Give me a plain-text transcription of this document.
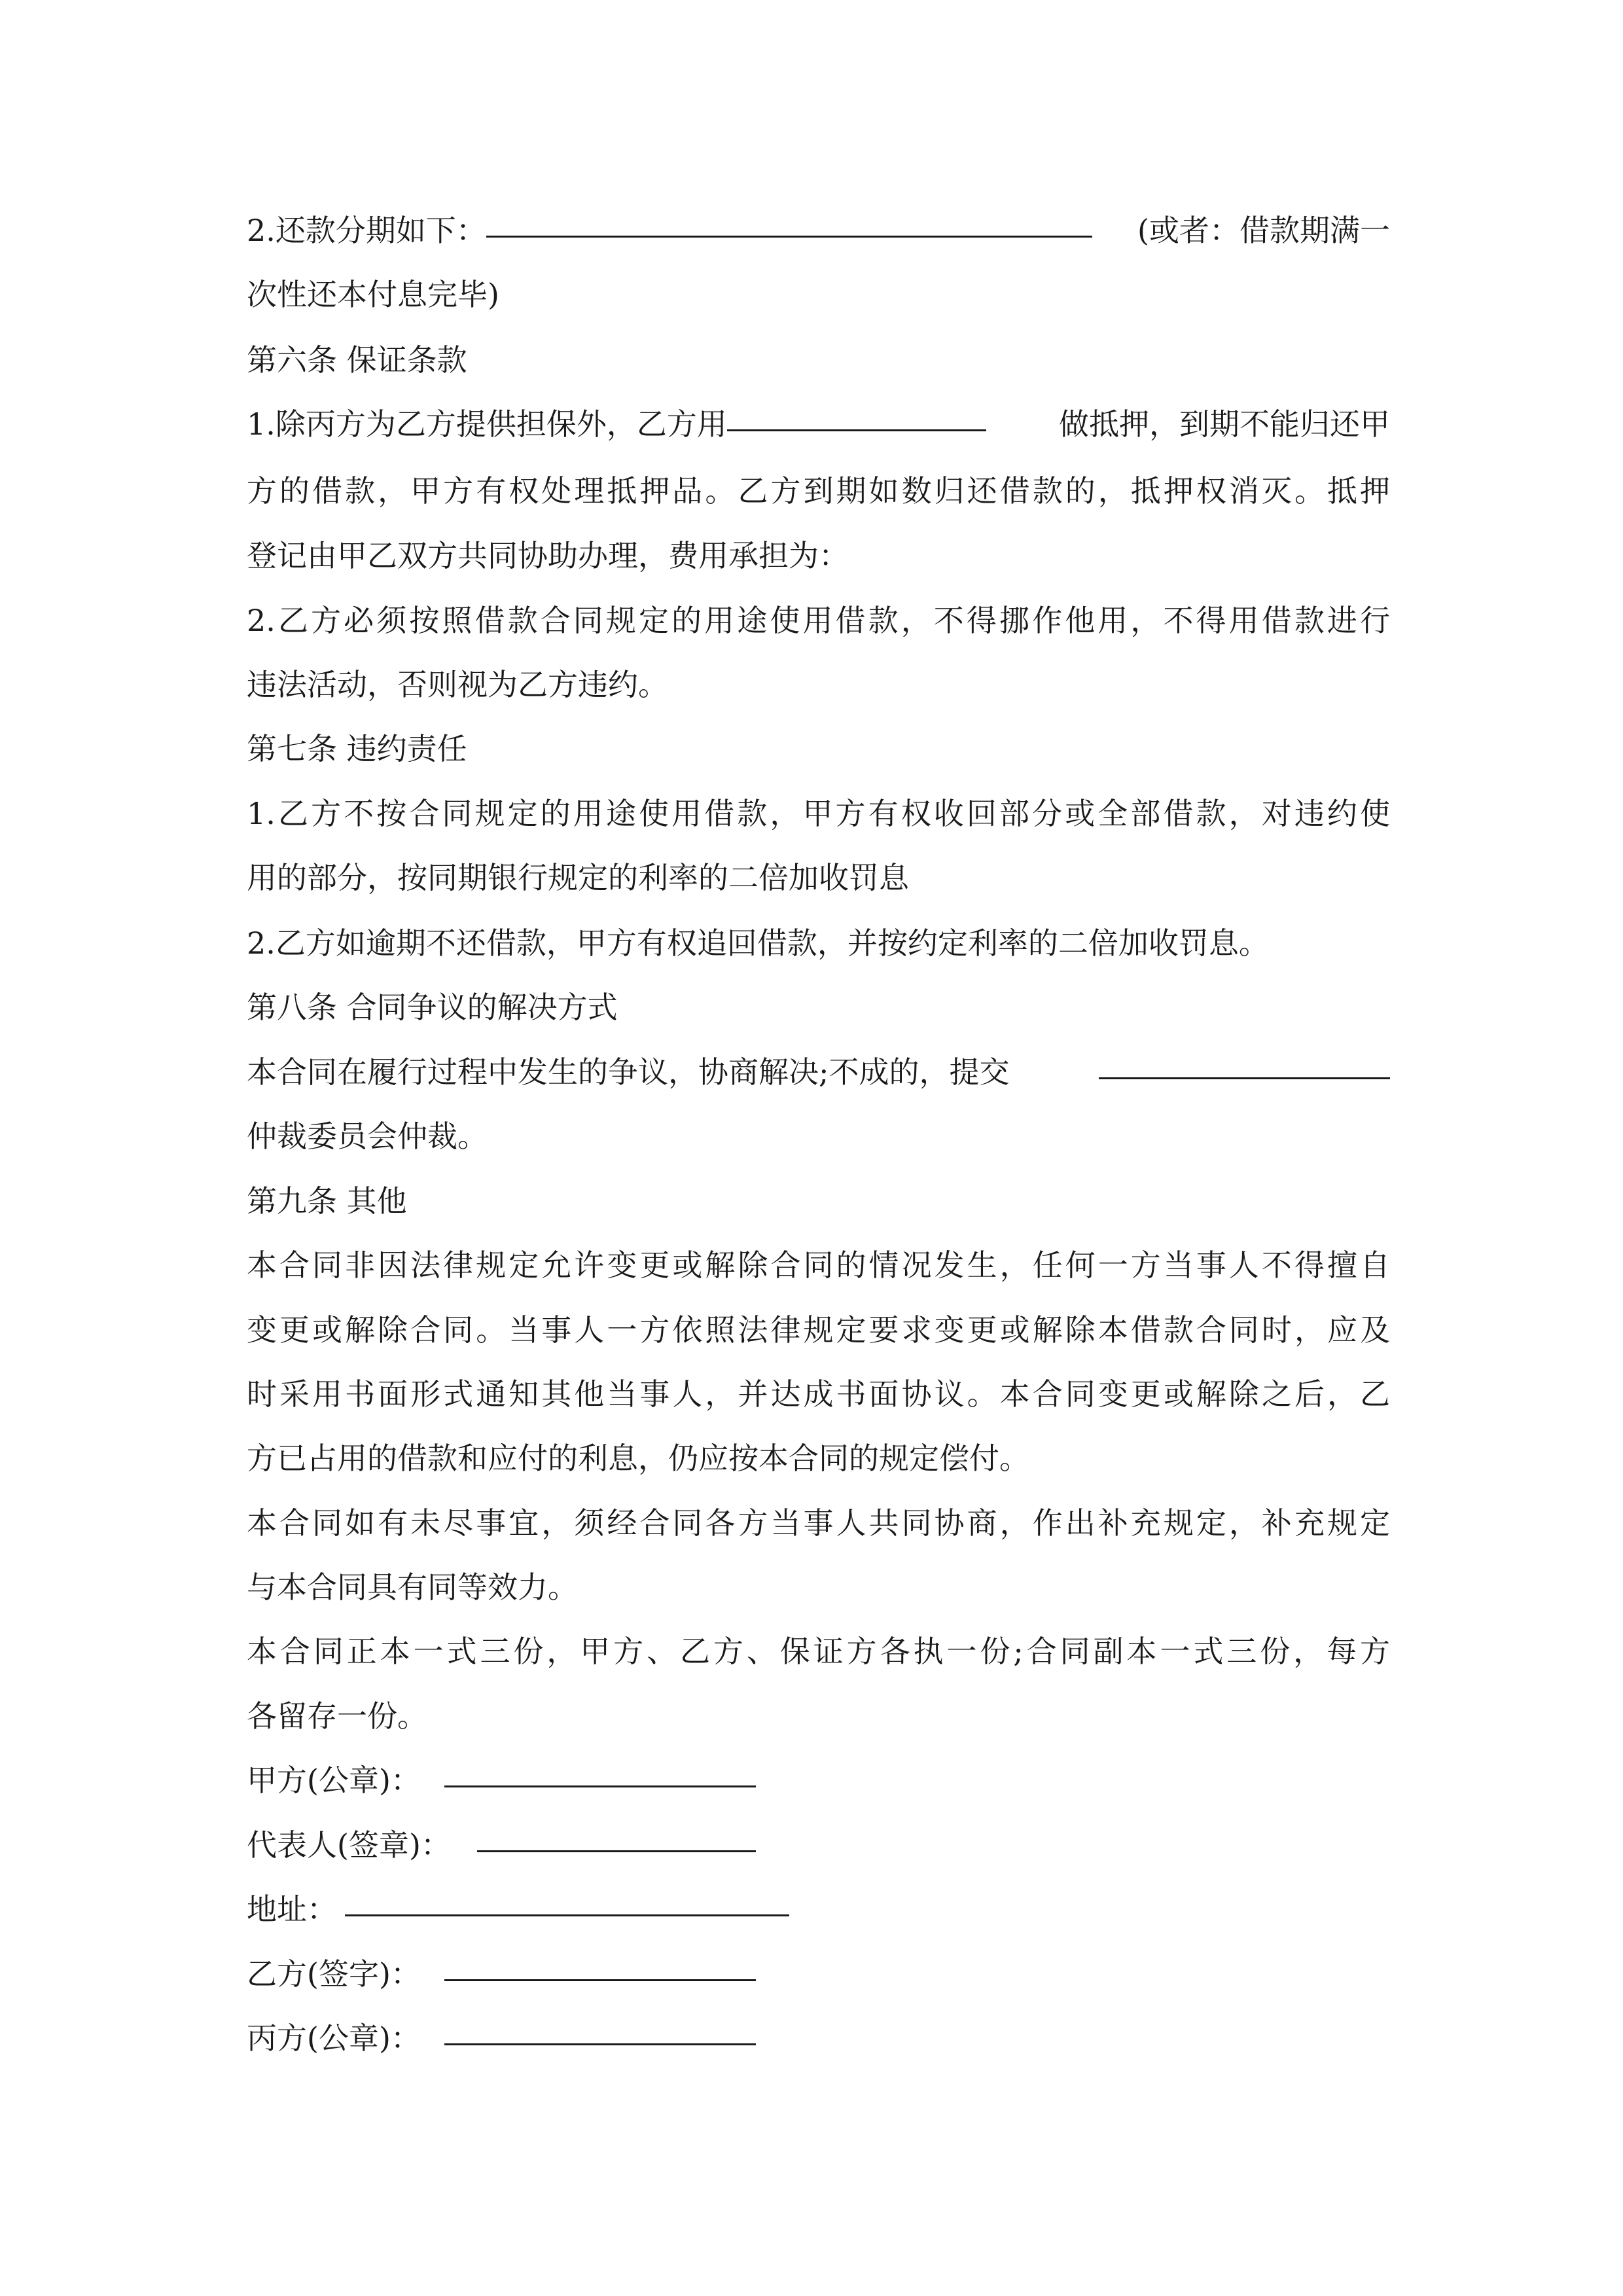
2.还款分期如下：	(或者：借款期满一
次性还本付息完毕)
第六条 保证条款
1.除丙方为乙方提供担保外，乙方用	做抵押，到期不能归还甲
方的借款，甲方有权处理抵押品。乙方到期如数归还借款的，抵押权消灭。抵押
登记由甲乙双方共同协助办理，费用承担为：
2.乙方必须按照借款合同规定的用途使用借款，不得挪作他用，不得用借款进行
违法活动，否则视为乙方违约。
第七条 违约责任
1.乙方不按合同规定的用途使用借款，甲方有权收回部分或全部借款，对违约使
用的部分，按同期银行规定的利率的二倍加收罚息
2.乙方如逾期不还借款，甲方有权追回借款，并按约定利率的二倍加收罚息。
第八条 合同争议的解决方式
本合同在履行过程中发生的争议，协商解决;不成的，提交
仲裁委员会仲裁。
第九条 其他
本合同非因法律规定允许变更或解除合同的情况发生，任何一方当事人不得擅自
变更或解除合同。当事人一方依照法律规定要求变更或解除本借款合同时，应及
时采用书面形式通知其他当事人，并达成书面协议。本合同变更或解除之后，乙
方已占用的借款和应付的利息，仍应按本合同的规定偿付。
本合同如有未尽事宜，须经合同各方当事人共同协商，作出补充规定，补充规定
与本合同具有同等效力。
本合同正本一式三份，甲方、乙方、保证方各执一份;合同副本一式三份，每方
各留存一份。
甲方(公章)：
代表人(签章)：
地址：
乙方(签字)：
丙方(公章)：
